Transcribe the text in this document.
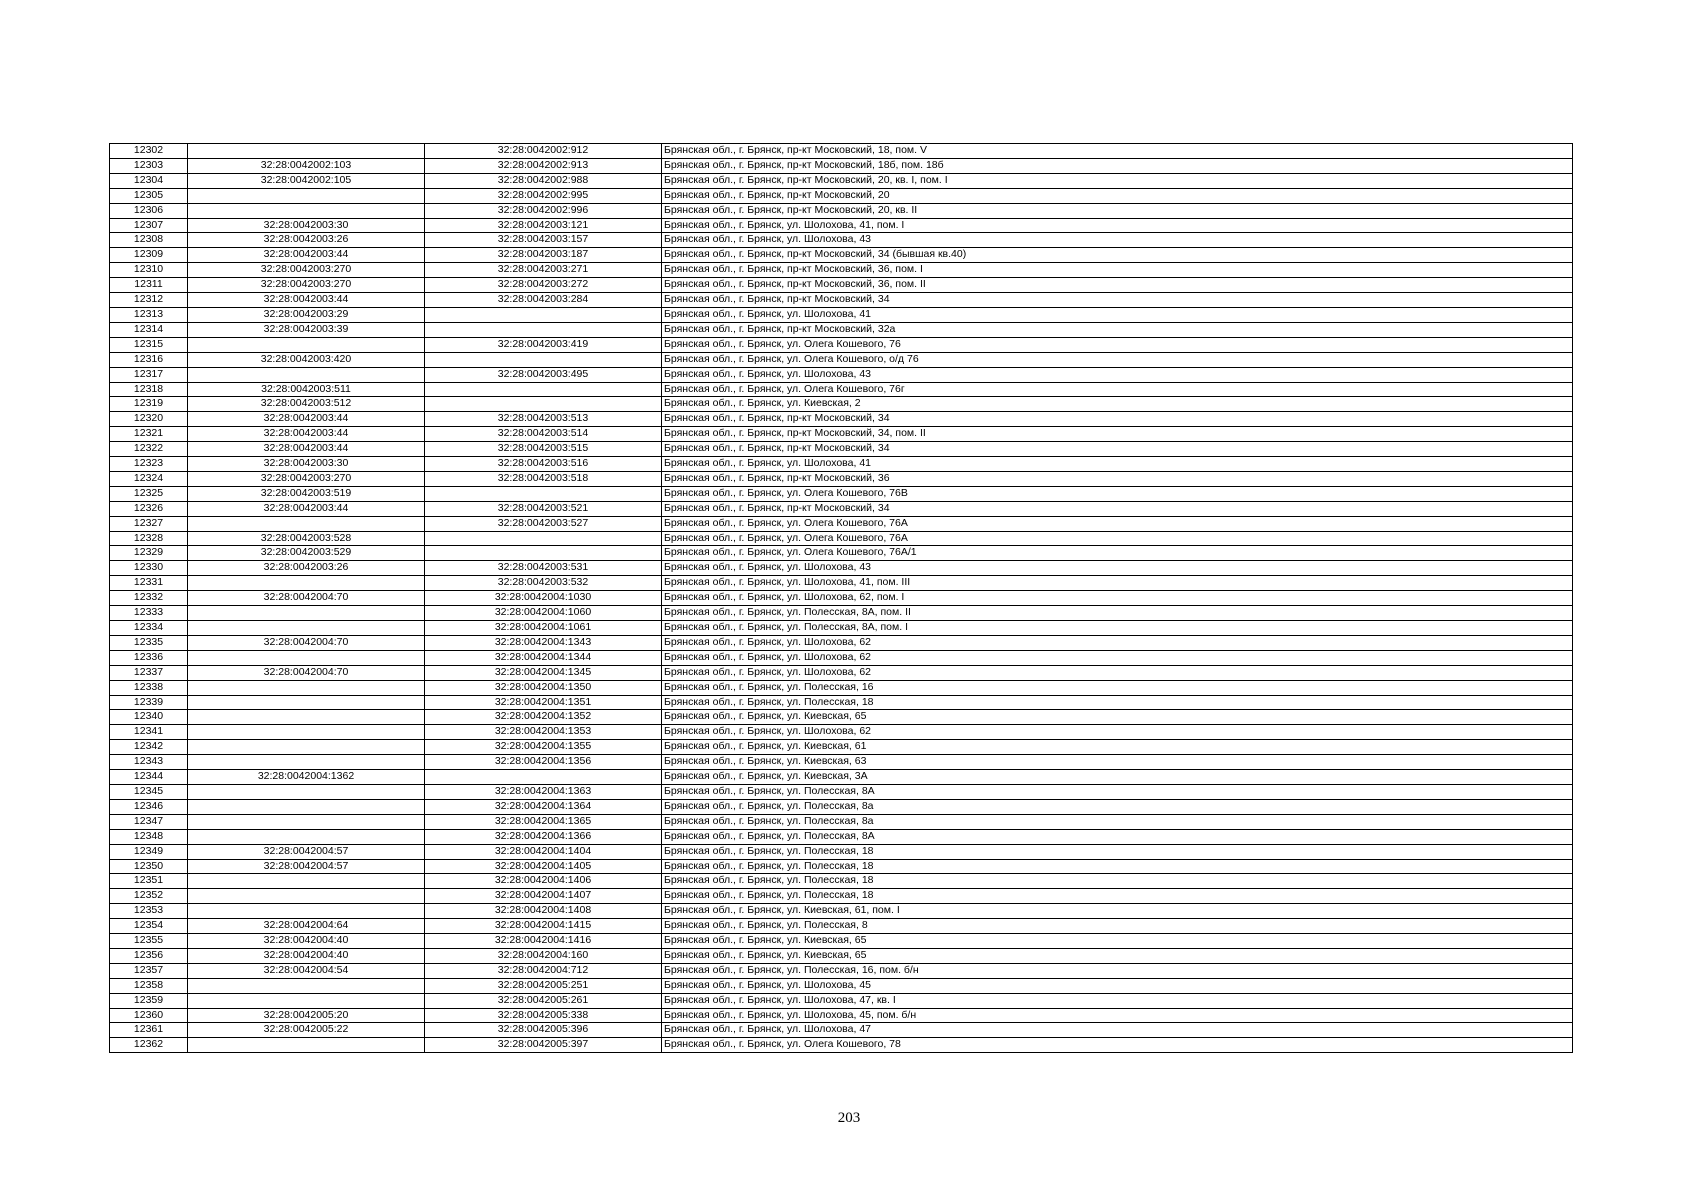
12302		32:28:0042002:912	Брянская обл., г. Брянск, пр-кт Московский, 18, пом. V
12303	32:28:0042002:103	32:28:0042002:913	Брянская обл., г. Брянск, пр-кт Московский, 18б, пом. 18б
12304	32:28:0042002:105	32:28:0042002:988	Брянская обл., г. Брянск, пр-кт Московский, 20, кв. I, пом. I
12305		32:28:0042002:995	Брянская обл., г. Брянск, пр-кт Московский, 20
12306		32:28:0042002:996	Брянская обл., г. Брянск, пр-кт Московский, 20, кв. II
12307	32:28:0042003:30	32:28:0042003:121	Брянская обл., г. Брянск, ул. Шолохова, 41, пом. I
12308	32:28:0042003:26	32:28:0042003:157	Брянская обл., г. Брянск, ул. Шолохова, 43
12309	32:28:0042003:44	32:28:0042003:187	Брянская обл., г. Брянск, пр-кт Московский, 34 (бывшая кв.40)
12310	32:28:0042003:270	32:28:0042003:271	Брянская обл., г. Брянск, пр-кт Московский, 36, пом. I
12311	32:28:0042003:270	32:28:0042003:272	Брянская обл., г. Брянск, пр-кт Московский, 36, пом. II
12312	32:28:0042003:44	32:28:0042003:284	Брянская обл., г. Брянск, пр-кт Московский, 34
12313	32:28:0042003:29		Брянская обл., г. Брянск, ул. Шолохова, 41
12314	32:28:0042003:39		Брянская обл., г. Брянск, пр-кт Московский, 32а
12315		32:28:0042003:419	Брянская обл., г. Брянск, ул. Олега Кошевого, 76
12316	32:28:0042003:420		Брянская обл., г. Брянск, ул. Олега Кошевого, о/д 76
12317		32:28:0042003:495	Брянская обл., г. Брянск, ул. Шолохова, 43
12318	32:28:0042003:511		Брянская обл., г. Брянск, ул. Олега Кошевого, 76г
12319	32:28:0042003:512		Брянская обл., г. Брянск, ул. Киевская, 2
12320	32:28:0042003:44	32:28:0042003:513	Брянская обл., г. Брянск, пр-кт Московский, 34
12321	32:28:0042003:44	32:28:0042003:514	Брянская обл., г. Брянск, пр-кт Московский, 34, пом. II
12322	32:28:0042003:44	32:28:0042003:515	Брянская обл., г. Брянск, пр-кт Московский, 34
12323	32:28:0042003:30	32:28:0042003:516	Брянская обл., г. Брянск, ул. Шолохова, 41
12324	32:28:0042003:270	32:28:0042003:518	Брянская обл., г. Брянск, пр-кт Московский, 36
12325	32:28:0042003:519		Брянская обл., г. Брянск, ул. Олега Кошевого, 76В
12326	32:28:0042003:44	32:28:0042003:521	Брянская обл., г. Брянск, пр-кт Московский, 34
12327		32:28:0042003:527	Брянская обл., г. Брянск, ул. Олега Кошевого, 76А
12328	32:28:0042003:528		Брянская обл., г. Брянск, ул. Олега Кошевого, 76А
12329	32:28:0042003:529		Брянская обл., г. Брянск, ул. Олега Кошевого, 76А/1
12330	32:28:0042003:26	32:28:0042003:531	Брянская обл., г. Брянск, ул. Шолохова, 43
12331		32:28:0042003:532	Брянская обл., г. Брянск, ул. Шолохова, 41, пом. III
12332	32:28:0042004:70	32:28:0042004:1030	Брянская обл., г. Брянск, ул. Шолохова, 62, пом. I
12333		32:28:0042004:1060	Брянская обл., г. Брянск, ул. Полесская, 8А, пом. II
12334		32:28:0042004:1061	Брянская обл., г. Брянск, ул. Полесская, 8А, пом. I
12335	32:28:0042004:70	32:28:0042004:1343	Брянская обл., г. Брянск, ул. Шолохова, 62
12336		32:28:0042004:1344	Брянская обл., г. Брянск, ул. Шолохова, 62
12337	32:28:0042004:70	32:28:0042004:1345	Брянская обл., г. Брянск, ул. Шолохова, 62
12338		32:28:0042004:1350	Брянская обл., г. Брянск, ул. Полесская, 16
12339		32:28:0042004:1351	Брянская обл., г. Брянск, ул. Полесская, 18
12340		32:28:0042004:1352	Брянская обл., г. Брянск, ул. Киевская, 65
12341		32:28:0042004:1353	Брянская обл., г. Брянск, ул. Шолохова, 62
12342		32:28:0042004:1355	Брянская обл., г. Брянск, ул. Киевская, 61
12343		32:28:0042004:1356	Брянская обл., г. Брянск, ул. Киевская, 63
12344	32:28:0042004:1362		Брянская обл., г. Брянск, ул. Киевская, 3А
12345		32:28:0042004:1363	Брянская обл., г. Брянск, ул. Полесская, 8А
12346		32:28:0042004:1364	Брянская обл., г. Брянск, ул. Полесская, 8а
12347		32:28:0042004:1365	Брянская обл., г. Брянск, ул. Полесская, 8а
12348		32:28:0042004:1366	Брянская обл., г. Брянск, ул. Полесская, 8А
12349	32:28:0042004:57	32:28:0042004:1404	Брянская обл., г. Брянск, ул. Полесская, 18
12350	32:28:0042004:57	32:28:0042004:1405	Брянская обл., г. Брянск, ул. Полесская, 18
12351		32:28:0042004:1406	Брянская обл., г. Брянск, ул. Полесская, 18
12352		32:28:0042004:1407	Брянская обл., г. Брянск, ул. Полесская, 18
12353		32:28:0042004:1408	Брянская обл., г. Брянск, ул. Киевская, 61, пом. I
12354	32:28:0042004:64	32:28:0042004:1415	Брянская обл., г. Брянск, ул. Полесская, 8
12355	32:28:0042004:40	32:28:0042004:1416	Брянская обл., г. Брянск, ул. Киевская, 65
12356	32:28:0042004:40	32:28:0042004:160	Брянская обл., г. Брянск, ул. Киевская, 65
12357	32:28:0042004:54	32:28:0042004:712	Брянская обл., г. Брянск, ул. Полесская, 16, пом. б/н
12358		32:28:0042005:251	Брянская обл., г. Брянск, ул. Шолохова, 45
12359		32:28:0042005:261	Брянская обл., г. Брянск, ул. Шолохова, 47, кв. I
12360	32:28:0042005:20	32:28:0042005:338	Брянская обл., г. Брянск, ул. Шолохова, 45, пом. б/н
12361	32:28:0042005:22	32:28:0042005:396	Брянская обл., г. Брянск, ул. Шолохова, 47
12362		32:28:0042005:397	Брянская обл., г. Брянск, ул. Олега Кошевого, 78
203
